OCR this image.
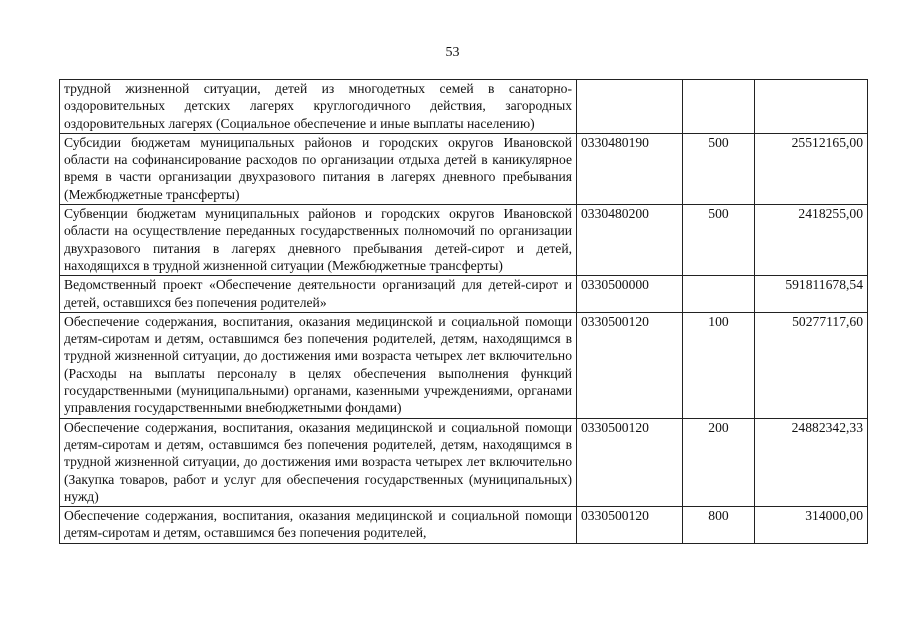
53
трудной жизненной ситуации, детей из многодетных семей в санаторно-оздоровительных детских лагерях круглогодичного действия, загородных оздоровительных лагерях (Социальное обеспечение и иные выплаты населению)			
Субсидии бюджетам муниципальных районов и городских округов Ивановской области на софинансирование расходов по организации отдыха детей в каникулярное время в части организации двухразового питания в лагерях дневного пребывания (Межбюджетные трансферты)	0330480190	500	25512165,00
Субвенции бюджетам муниципальных районов и городских округов Ивановской области на осуществление переданных государственных полномочий по организации двухразового питания в лагерях дневного пребывания детей-сирот и детей, находящихся в трудной жизненной ситуации (Межбюджетные трансферты)	0330480200	500	2418255,00
Ведомственный проект «Обеспечение деятельности организаций для детей-сирот и детей, оставшихся без попечения родителей»	0330500000		591811678,54
Обеспечение содержания, воспитания, оказания медицинской и социальной помощи детям-сиротам и детям, оставшимся без попечения родителей, детям, находящимся в трудной жизненной ситуации, до достижения ими возраста четырех лет включительно (Расходы на выплаты персоналу в целях обеспечения выполнения функций государственными (муниципальными) органами, казенными учреждениями, органами управления государственными внебюджетными фондами)	0330500120	100	50277117,60
Обеспечение содержания, воспитания, оказания медицинской и социальной помощи детям-сиротам и детям, оставшимся без попечения родителей, детям, находящимся в трудной жизненной ситуации, до достижения ими возраста четырех лет включительно (Закупка товаров, работ и услуг для обеспечения государственных (муниципальных) нужд)	0330500120	200	24882342,33
Обеспечение содержания, воспитания, оказания медицинской и социальной помощи детям-сиротам и детям, оставшимся без попечения родителей,	0330500120	800	314000,00
